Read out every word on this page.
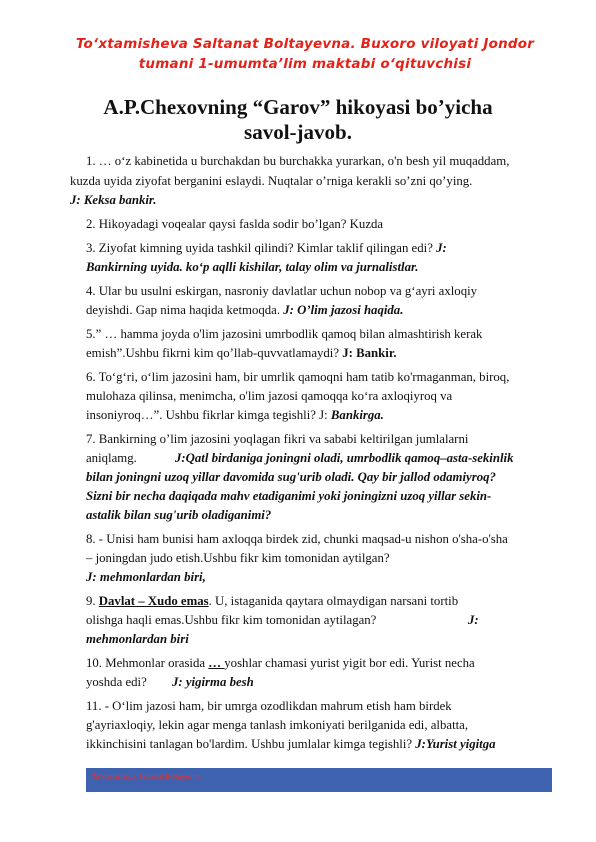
To‘xtamisheva Saltanat Boltayevna. Buxoro viloyati Jondor
tumani 1-umumta’lim maktabi o‘qituvchisi
A.P.Chexovning “Garov” hikoyasi bo’yicha
savol-javob.
1. … o‘z kabinetida u burchakdan bu burchakka yurarkan, o'n besh yil muqaddam,
kuzda uyida ziyofat berganini eslaydi. Nuqtalar o’rniga kerakli so’zni qo’ying.
J: Keksa bankir.
2. Hikoyadagi voqealar qaysi faslda sodir bo’lgan? Kuzda
3. Ziyofat kimning uyida tashkil qilindi? Kimlar taklif qilingan edi? J:
Bankirning uyida. ko‘p aqlli kishilar, talay olim va jurnalistlar.
4. Ular bu usulni eskirgan, nasroniy davlatlar uchun nobop va g‘ayri axloqiy
deyishdi. Gap nima haqida ketmoqda. J: O’lim jazosi haqida.
5.” … hamma joyda o'lim jazosini umrbodlik qamoq bilan almashtirish kerak
emish”.Ushbu fikrni kim qo’llab-quvvatlamaydi? J: Bankir.
6. To‘g‘ri, o‘lim jazosini ham, bir umrlik qamoqni ham tatib ko'rmaganman, biroq,
mulohaza qilinsa, menimcha, o'lim jazosi qamoqqa ko‘ra axloqiyroq va
insoniyroq…”. Ushbu fikrlar kimga tegishli? J: Bankirga.
7. Bankirning o’lim jazosini yoqlagan fikri va sababi keltirilgan jumlalarni
aniqlamg.	J:Qatl birdaniga joningni oladi, umrbodlik qamoq–asta-sekinlik
bilan joningni uzoq yillar davomida sug'urib oladi. Qay bir jallod odamiyroq?
Sizni bir necha daqiqada mahv etadiganimi yoki joningizni uzoq yillar sekin-
astalik bilan sug'urib oladiganimi?
8. - Unisi ham bunisi ham axloqqa birdek zid, chunki maqsad-u nishon o'sha-o'sha
– joningdan judo etish.Ushbu fikr kim tomonidan aytilgan?
J: mehmonlardan biri,
9. Davlat – Xudo emas. U, istaganida qaytara olmaydigan narsani tortib
olishga haqli emas.Ushbu fikr kim tomonidan aytilagan?	J:
mehmonlardan biri
10. Mehmonlar orasida … yoshlar chamasi yurist yigit bor edi. Yurist necha
yoshda edi? J: yigirma besh
11. - O‘lim jazosi ham, bir umrga ozodlikdan mahrum etish ham birdek
g'ayriaxloqiy, lekin agar menga tanlash imkoniyati berilganida edi, albatta,
ikkinchisini tanlagan bo'lardim. Ushbu jumlalar kimga tegishli? J:Yurist yigitga
To'xtamisheva Saltanat Boltayevna
